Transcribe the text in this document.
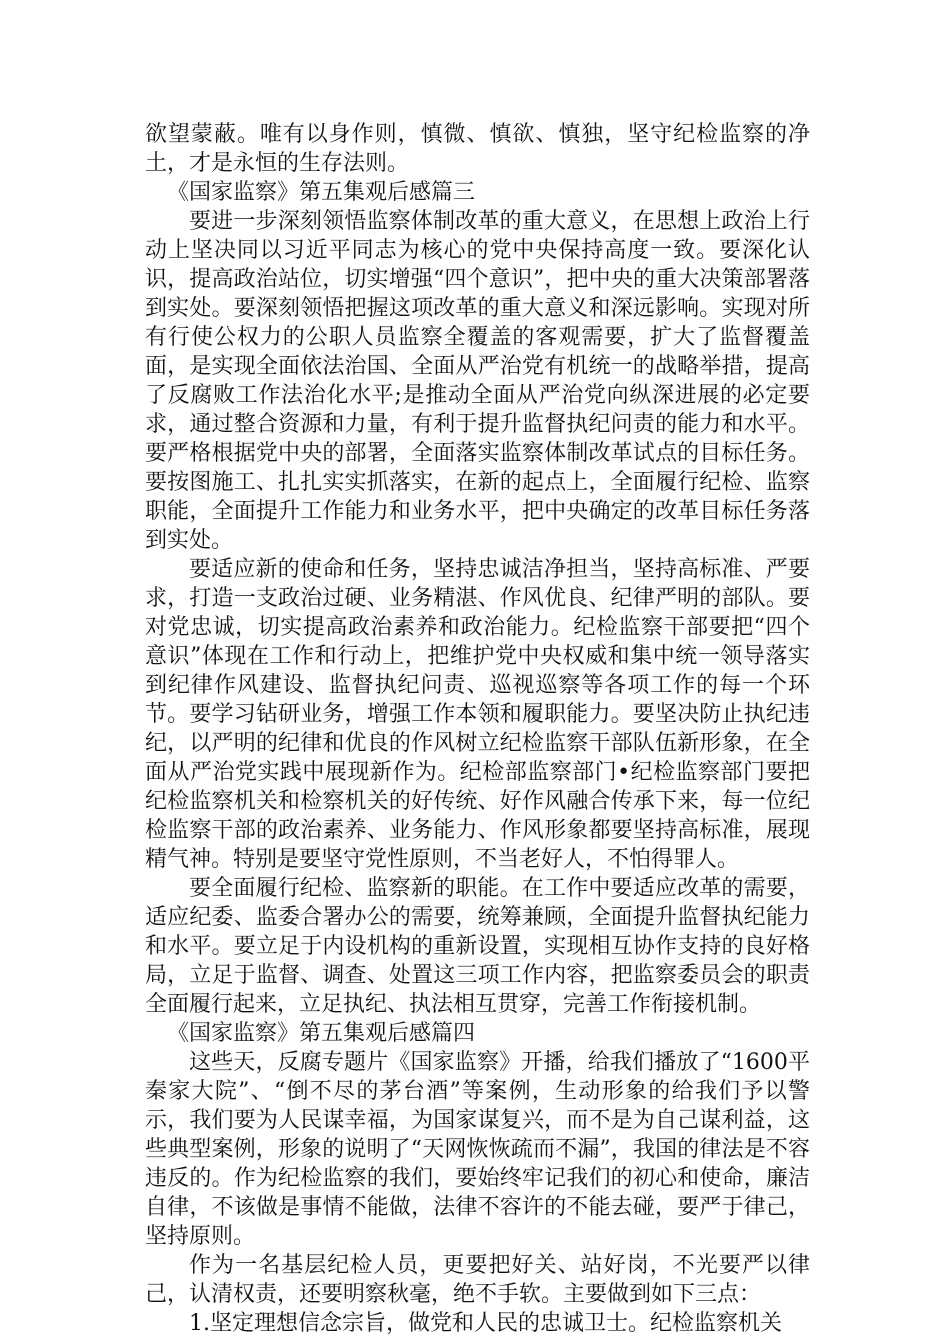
欲望蒙蔽。唯有以身作则，慎微、慎欲、慎独，坚守纪检监察的净土，才是永恒的生存法则。

《国家监察》第五集观后感篇三

要进一步深刻领悟监察体制改革的重大意义，在思想上政治上行动上坚决同以习近平同志为核心的党中央保持高度一致。要深化认识，提高政治站位，切实增强“四个意识”，把中央的重大决策部署落到实处。要深刻领悟把握这项改革的重大意义和深远影响。实现对所有行使公权力的公职人员监察全覆盖的客观需要，扩大了监督覆盖面，是实现全面依法治国、全面从严治党有机统一的战略举措，提高了反腐败工作法治化水平;是推动全面从严治党向纵深进展的必定要求，通过整合资源和力量，有利于提升监督执纪问责的能力和水平。要严格根据党中央的部署，全面落实监察体制改革试点的目标任务。要按图施工、扎扎实实抓落实，在新的起点上，全面履行纪检、监察职能，全面提升工作能力和业务水平，把中央确定的改革目标任务落到实处。

要适应新的使命和任务，坚持忠诚洁净担当，坚持高标准、严要求，打造一支政治过硬、业务精湛、作风优良、纪律严明的部队。要对党忠诚，切实提高政治素养和政治能力。纪检监察干部要把“四个意识”体现在工作和行动上，把维护党中央权威和集中统一领导落实到纪律作风建设、监督执纪问责、巡视巡察等各项工作的每一个环节。要学习钻研业务，增强工作本领和履职能力。要坚决防止执纪违纪，以严明的纪律和优良的作风树立纪检监察干部队伍新形象，在全面从严治党实践中展现新作为。纪检部监察部门•纪检监察部门要把纪检监察机关和检察机关的好传统、好作风融合传承下来，每一位纪检监察干部的政治素养、业务能力、作风形象都要坚持高标准，展现精气神。特别是要坚守党性原则，不当老好人，不怕得罪人。

要全面履行纪检、监察新的职能。在工作中要适应改革的需要，适应纪委、监委合署办公的需要，统筹兼顾，全面提升监督执纪能力和水平。要立足于内设机构的重新设置，实现相互协作支持的良好格局，立足于监督、调查、处置这三项工作内容，把监察委员会的职责全面履行起来，立足执纪、执法相互贯穿，完善工作衔接机制。

《国家监察》第五集观后感篇四

这些天，反腐专题片《国家监察》开播，给我们播放了“1600平秦家大院”、“倒不尽的茅台酒”等案例，生动形象的给我们予以警示，我们要为人民谋幸福，为国家谋复兴，而不是为自己谋利益，这些典型案例，形象的说明了“天网恢恢疏而不漏”，我国的律法是不容违反的。作为纪检监察的我们，要始终牢记我们的初心和使命，廉洁自律，不该做是事情不能做，法律不容许的不能去碰，要严于律己，坚持原则。

作为一名基层纪检人员，更要把好关、站好岗，不光要严以律己，认清权责，还要明察秋毫，绝不手软。主要做到如下三点：

1.坚定理想信念宗旨，做党和人民的忠诚卫士。纪检监察机关
